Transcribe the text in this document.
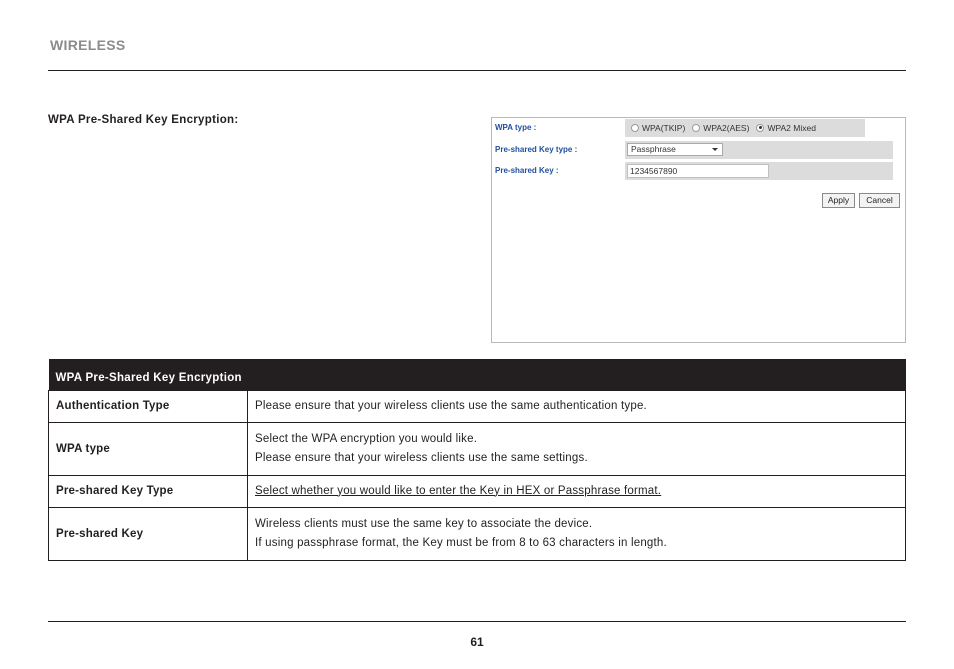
WIRELESS
WPA Pre-Shared Key Encryption:
WPA type :	WPA(TKIP) WPA2(AES) WPA2 Mixed
Pre-shared Key type :	Passphrase
Pre-shared Key :	1234567890
Apply	Cancel
WPA Pre-Shared Key Encryption	
Authentication Type	Please ensure that your wireless clients use the same authentication type.

WPA type	Select the WPA encryption you would like.
Please ensure that your wireless clients use the same settings.

Pre-shared Key Type	Select whether you would like to enter the Key in HEX or Passphrase format.

Pre-shared Key	Wireless clients must use the same key to associate the device.
If using passphrase format, the Key must be from 8 to 63 characters in length.
61
